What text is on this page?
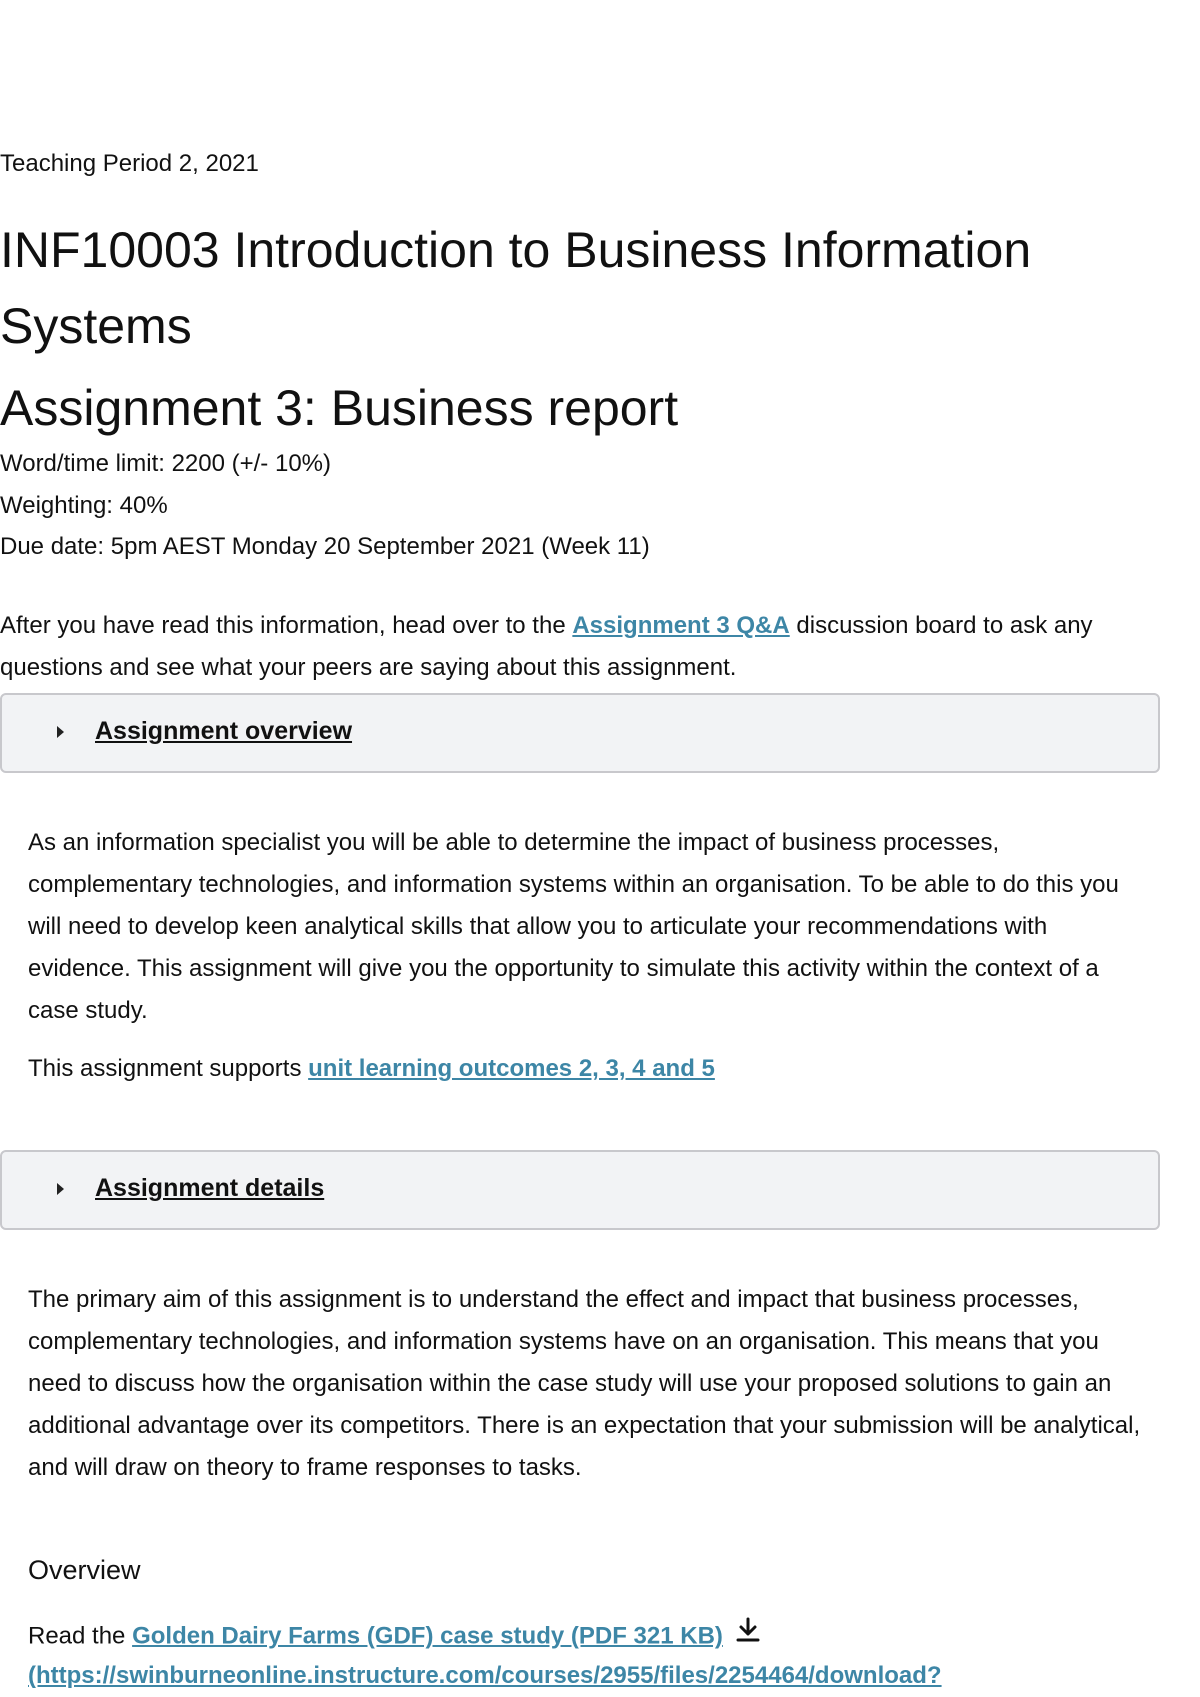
Teaching Period 2, 2021
INF10003 Introduction to Business Information Systems
Assignment 3: Business report
Word/time limit: 2200 (+/- 10%)
Weighting: 40%
Due date: 5pm AEST Monday 20 September 2021 (Week 11)
After you have read this information, head over to the Assignment 3 Q&A discussion board to ask any questions and see what your peers are saying about this assignment.
Assignment overview
As an information specialist you will be able to determine the impact of business processes, complementary technologies, and information systems within an organisation. To be able to do this you will need to develop keen analytical skills that allow you to articulate your recommendations with evidence. This assignment will give you the opportunity to simulate this activity within the context of a case study.
This assignment supports unit learning outcomes 2, 3, 4 and 5
Assignment details
The primary aim of this assignment is to understand the effect and impact that business processes, complementary technologies, and information systems have on an organisation. This means that you need to discuss how the organisation within the case study will use your proposed solutions to gain an additional advantage over its competitors. There is an expectation that your submission will be analytical, and will draw on theory to frame responses to tasks.
Overview
Read the Golden Dairy Farms (GDF) case study (PDF 321 KB)
(https://swinburneonline.instructure.com/courses/2955/files/2254464/download?
